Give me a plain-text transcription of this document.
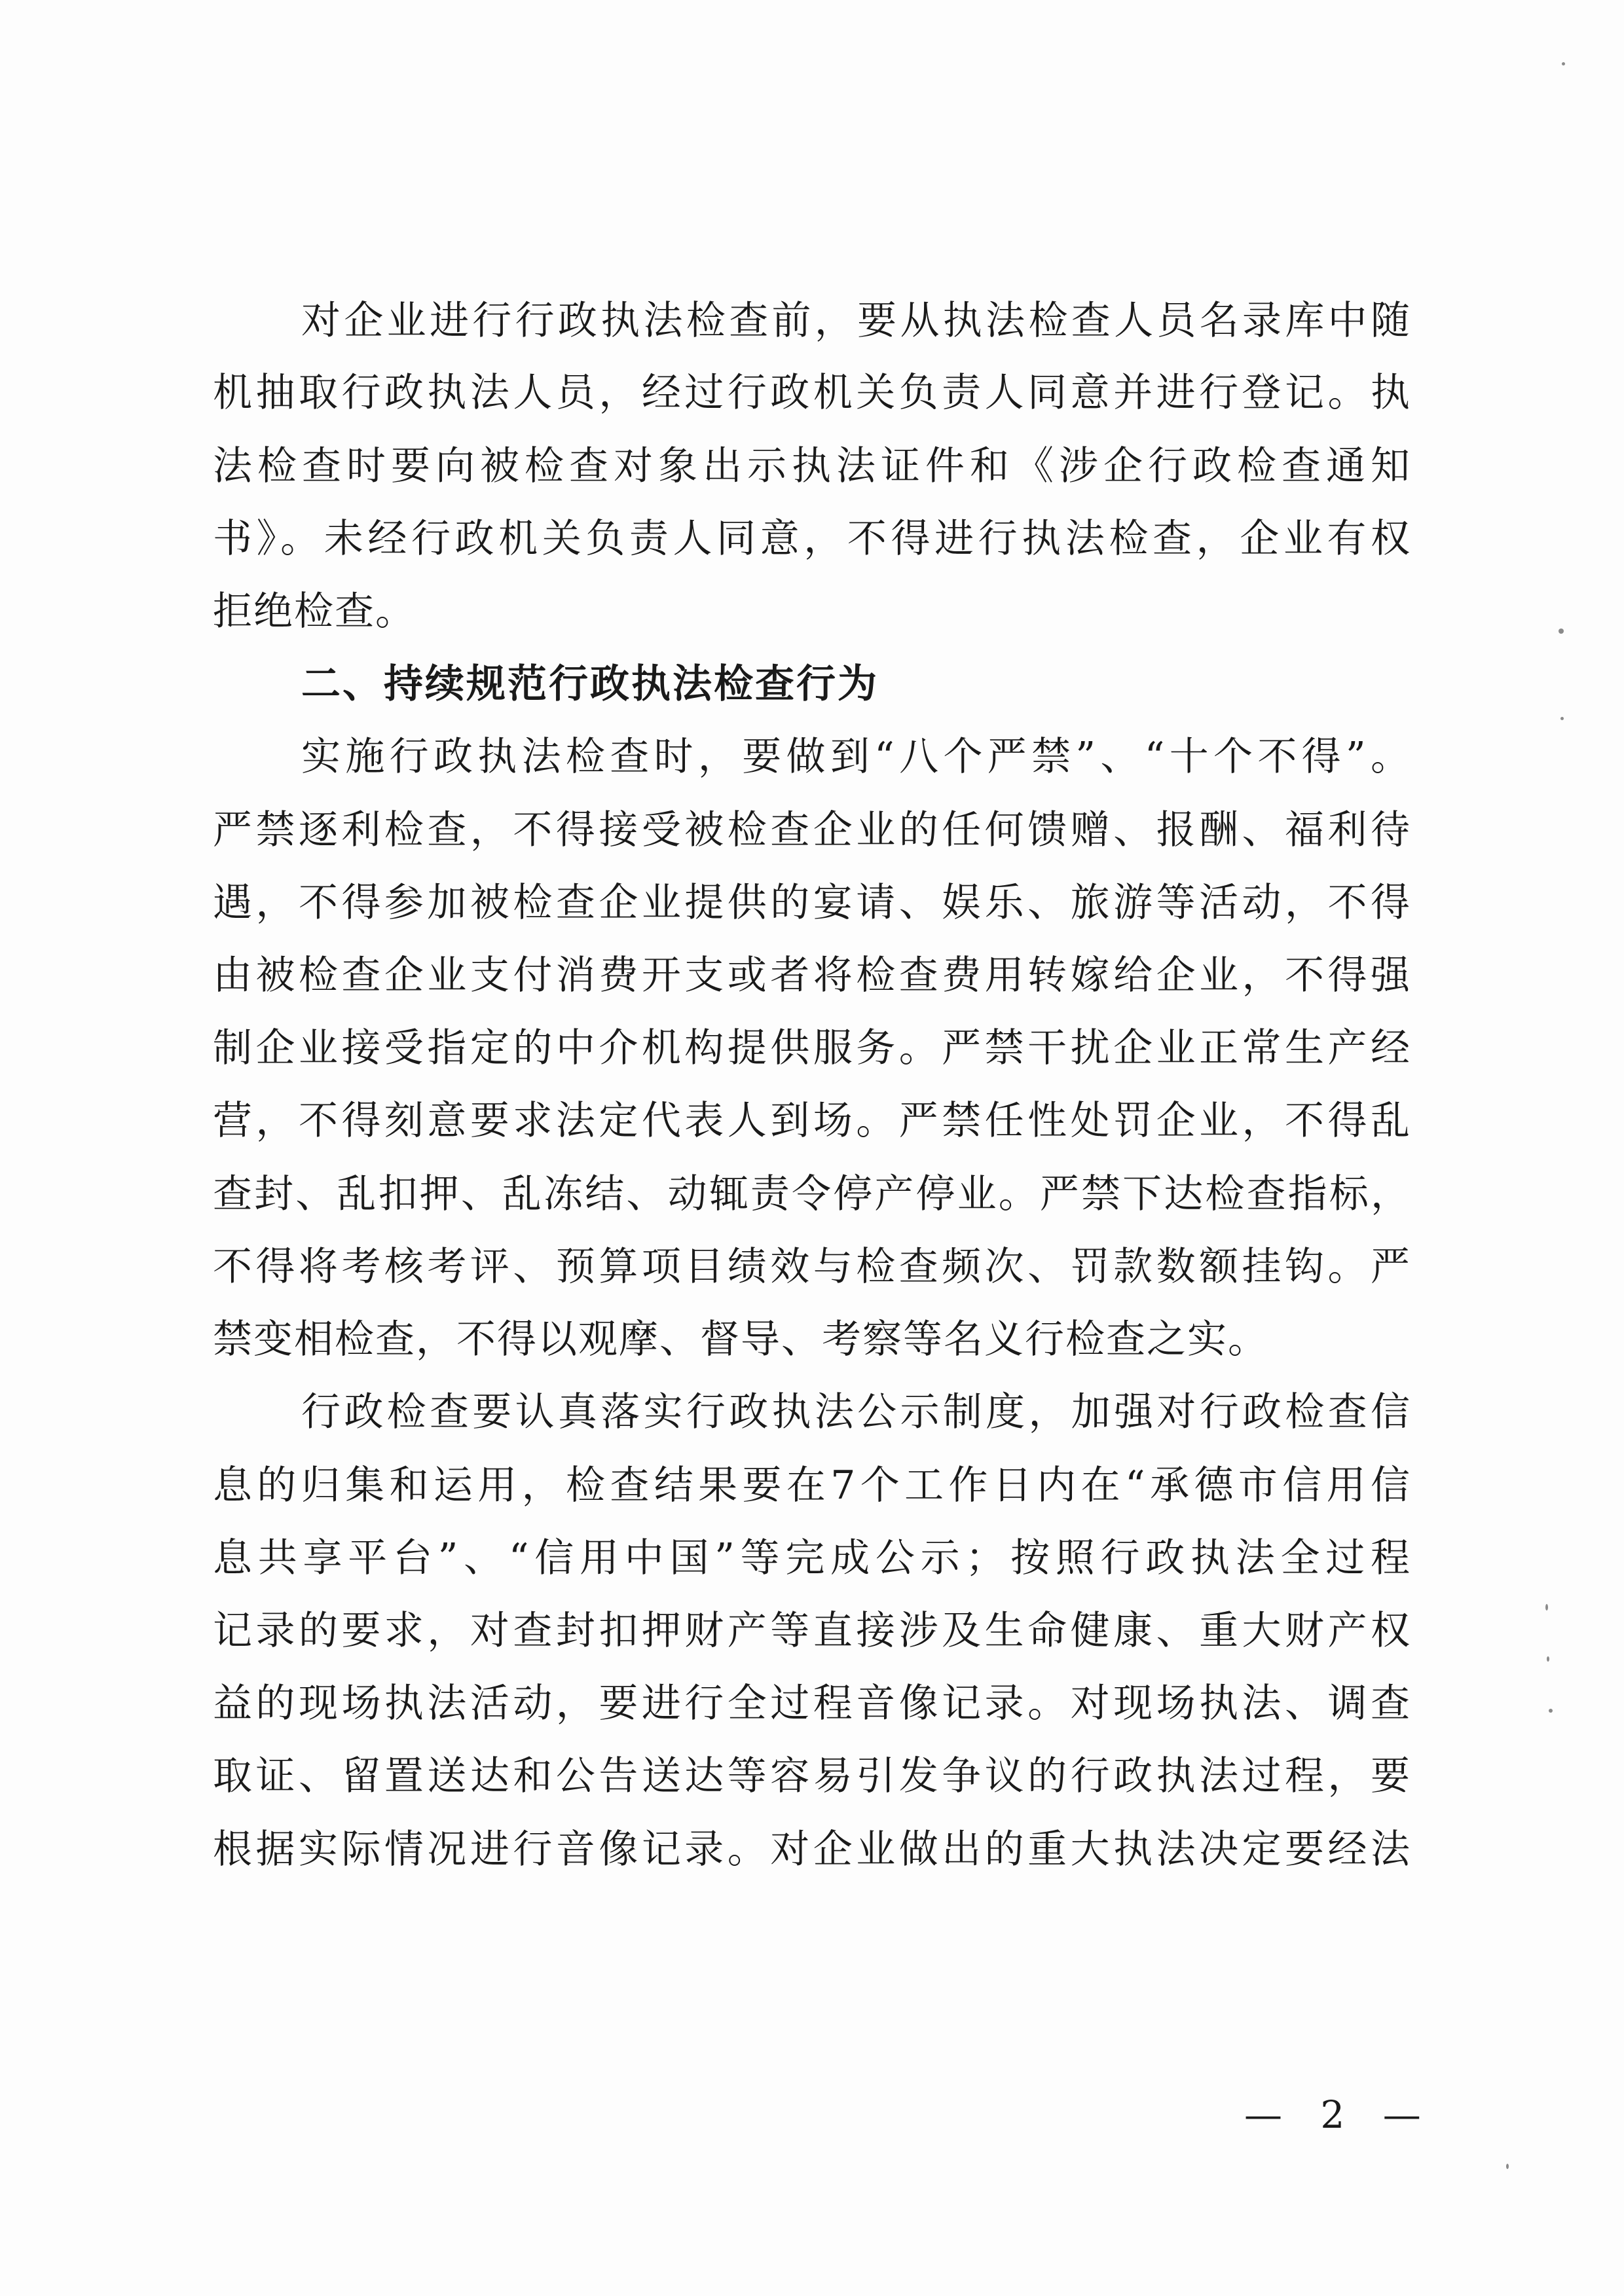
对企业进行行政执法检查前，要从执法检查人员名录库中随
机抽取行政执法人员，经过行政机关负责人同意并进行登记。执
法检查时要向被检查对象出示执法证件和《涉企行政检查通知
书》。未经行政机关负责人同意，不得进行执法检查，企业有权
拒绝检查。
二、持续规范行政执法检查行为
实施行政执法检查时，要做到“八个严禁”、“十个不得”。
严禁逐利检查，不得接受被检查企业的任何馈赠、报酬、福利待
遇，不得参加被检查企业提供的宴请、娱乐、旅游等活动，不得
由被检查企业支付消费开支或者将检查费用转嫁给企业，不得强
制企业接受指定的中介机构提供服务。严禁干扰企业正常生产经
营，不得刻意要求法定代表人到场。严禁任性处罚企业，不得乱
查封、乱扣押、乱冻结、动辄责令停产停业。严禁下达检查指标，
不得将考核考评、预算项目绩效与检查频次、罚款数额挂钩。严
禁变相检查，不得以观摩、督导、考察等名义行检查之实。
行政检查要认真落实行政执法公示制度，加强对行政检查信
息的归集和运用，检查结果要在7个工作日内在“承德市信用信
息共享平台”、“信用中国”等完成公示；按照行政执法全过程
记录的要求，对查封扣押财产等直接涉及生命健康、重大财产权
益的现场执法活动，要进行全过程音像记录。对现场执法、调查
取证、留置送达和公告送达等容易引发争议的行政执法过程，要
根据实际情况进行音像记录。对企业做出的重大执法决定要经法
— 2 —
